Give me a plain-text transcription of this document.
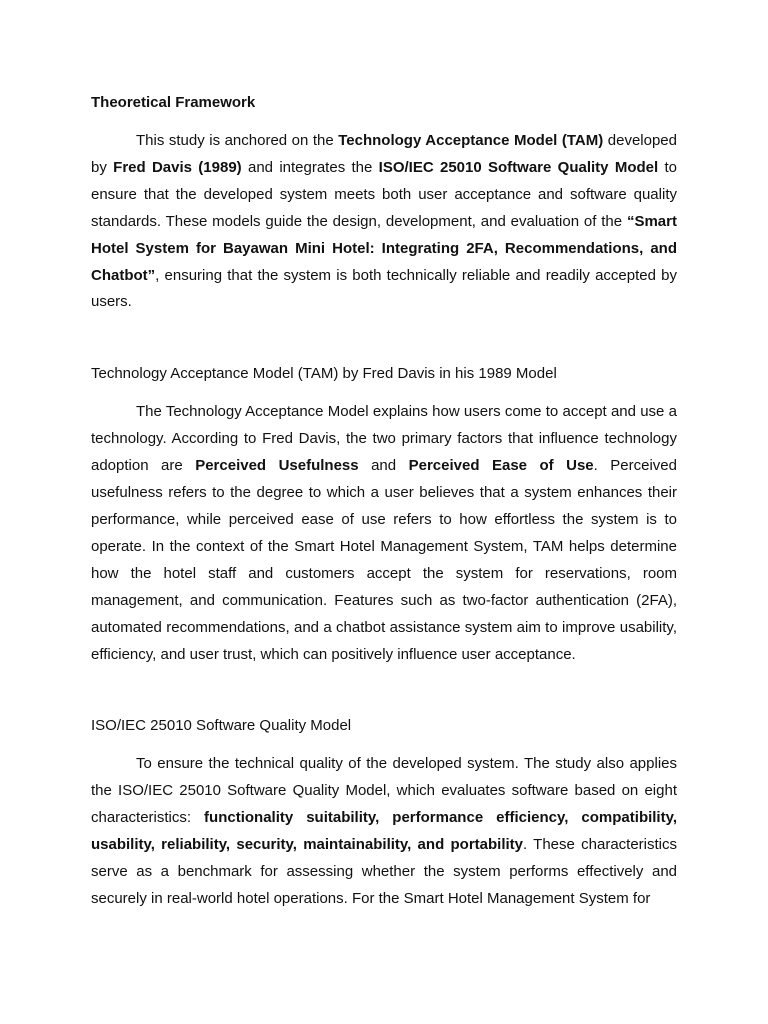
Theoretical Framework

This study is anchored on the Technology Acceptance Model (TAM) developed by Fred Davis (1989) and integrates the ISO/IEC 25010 Software Quality Model to ensure that the developed system meets both user acceptance and software quality standards. These models guide the design, development, and evaluation of the “Smart Hotel System for Bayawan Mini Hotel: Integrating 2FA, Recommendations, and Chatbot”, ensuring that the system is both technically reliable and readily accepted by users.

Technology Acceptance Model (TAM) by Fred Davis in his 1989 Model

The Technology Acceptance Model explains how users come to accept and use a technology. According to Fred Davis, the two primary factors that influence technology adoption are Perceived Usefulness and Perceived Ease of Use. Perceived usefulness refers to the degree to which a user believes that a system enhances their performance, while perceived ease of use refers to how effortless the system is to operate. In the context of the Smart Hotel Management System, TAM helps determine how the hotel staff and customers accept the system for reservations, room management, and communication. Features such as two-factor authentication (2FA), automated recommendations, and a chatbot assistance system aim to improve usability, efficiency, and user trust, which can positively influence user acceptance.

ISO/IEC 25010 Software Quality Model

To ensure the technical quality of the developed system. The study also applies the ISO/IEC 25010 Software Quality Model, which evaluates software based on eight characteristics: functionality suitability, performance efficiency, compatibility, usability, reliability, security, maintainability, and portability. These characteristics serve as a benchmark for assessing whether the system performs effectively and securely in real-world hotel operations. For the Smart Hotel Management System for
